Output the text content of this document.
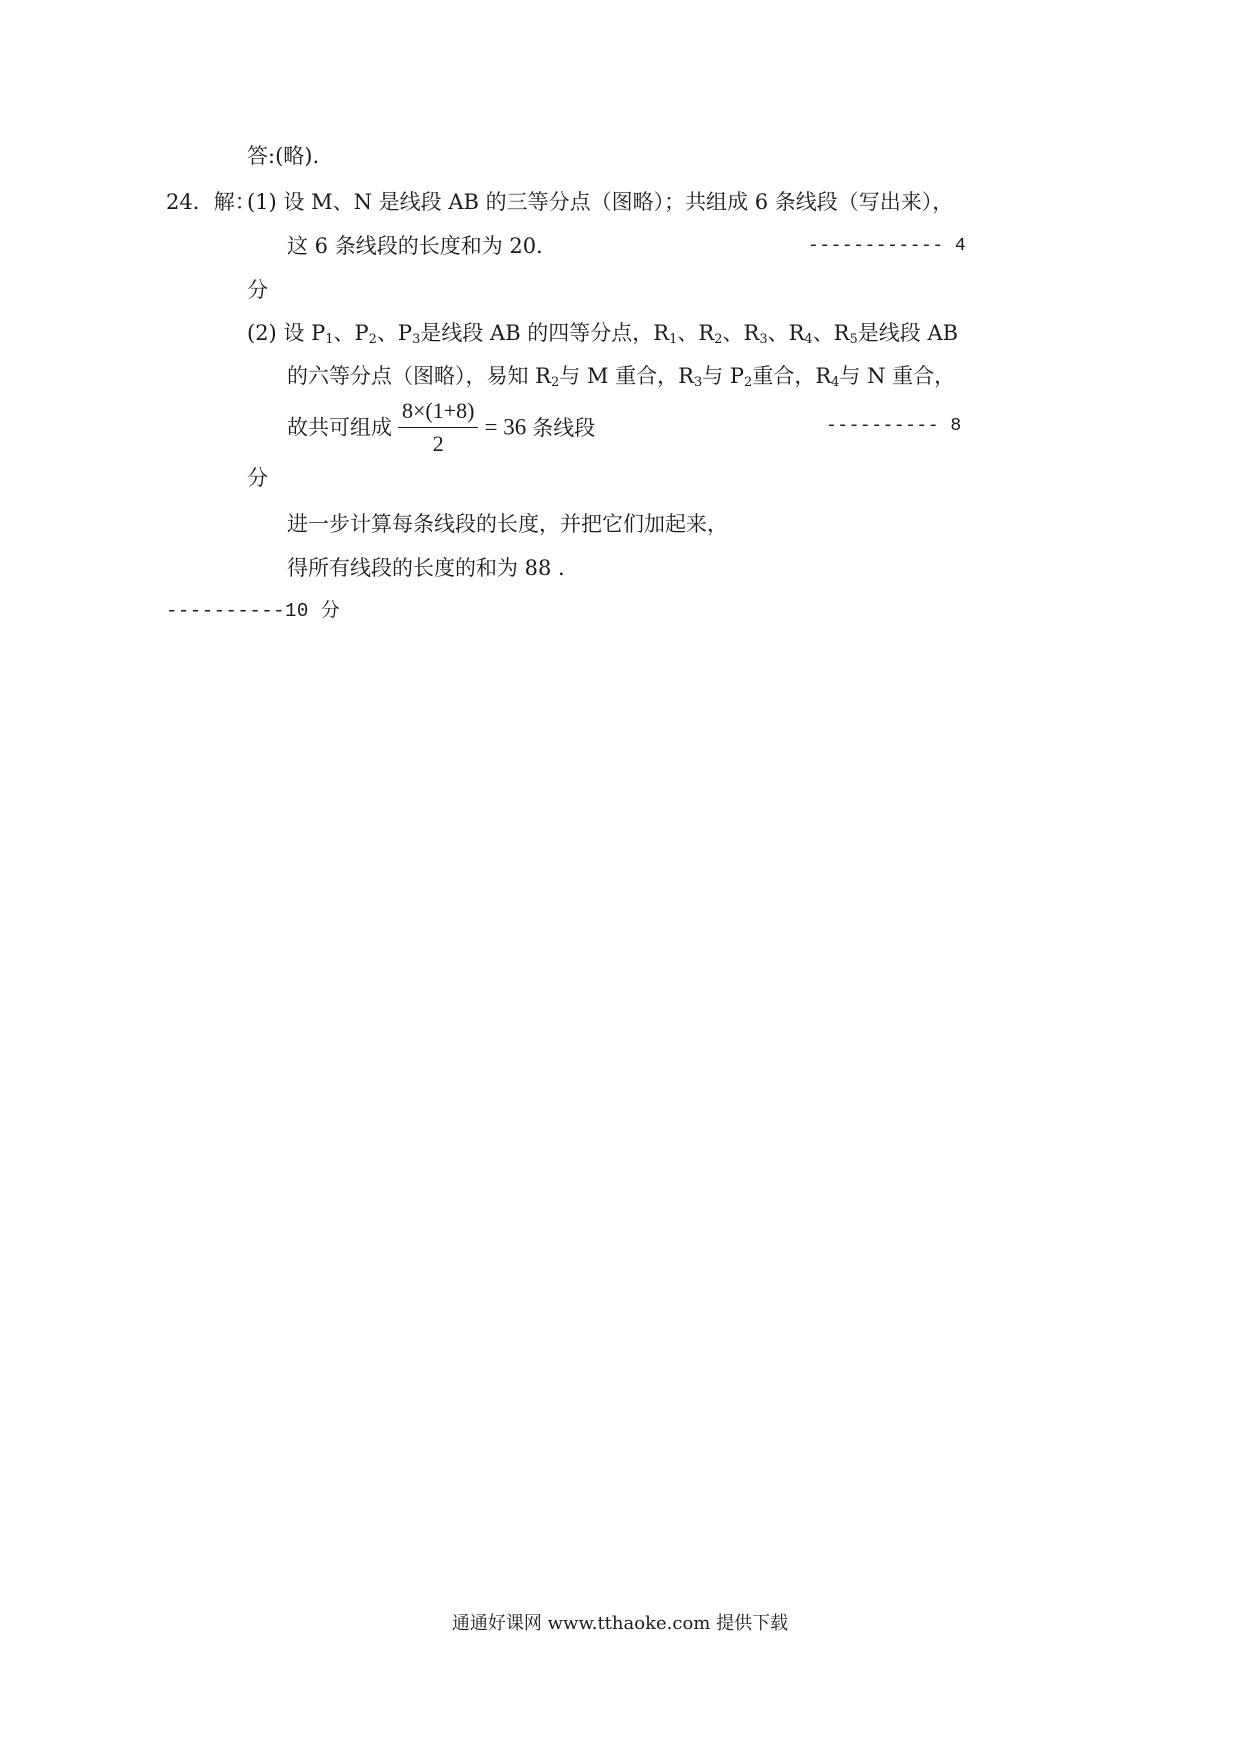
答:(略).
24．解：
(1) 设 M、N 是线段 AB 的三等分点（图略）；共组成 6 条线段（写出来），
这 6 条线段的长度和为 20．	------------ 4
分
(2) 设 $P_1$、$P_2$、$P_3$是线段 AB 的四等分点，$R_1$、$R_2$、$R_3$、$R_4$、$R_5$是线段 AB
的六等分点（图略），易知 $R_2$与 M 重合，$R_3$与 $P_2$重合，$R_4$与 N 重合，
故共可组成 $\frac{8\times(1+8)}{2} = 36$ 条线段	---------- 8
分
进一步计算每条线段的长度，并把它们加起来，
得所有线段的长度的和为 88 ．
----------10 分
通通好课网 www.tthaoke.com 提供下载
